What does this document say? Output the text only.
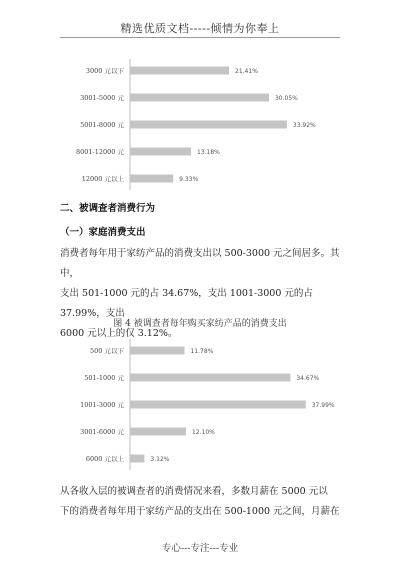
精选优质文档-----倾情为你奉上
3000 元以下	21.41%
3001-5000 元	30.05%
5001-8000 元	33.92%
8001-12000 元	13.18%
12000 元以上	9.33%
二、被调查者消费行为
（一）家庭消费支出
消费者每年用于家纺产品的消费支出以 500-3000 元之间居多。其中，
支出 501-1000 元的占 34.67%，支出 1001-3000 元的占 37.99%，支出
6000 元以上的仅 3.12%。
图 4 被调查者每年购买家纺产品的消费支出
500 元以下	11.78%
501-1000 元	34.67%
1001-3000 元	37.99%
3001-6000 元	12.10%
6000 元以上	3.12%
从各收入层的被调查者的消费情况来看，多数月薪在 5000 元以
下的消费者每年用于家纺产品的支出在 500-1000 元之间，月薪在
专心---专注---专业
